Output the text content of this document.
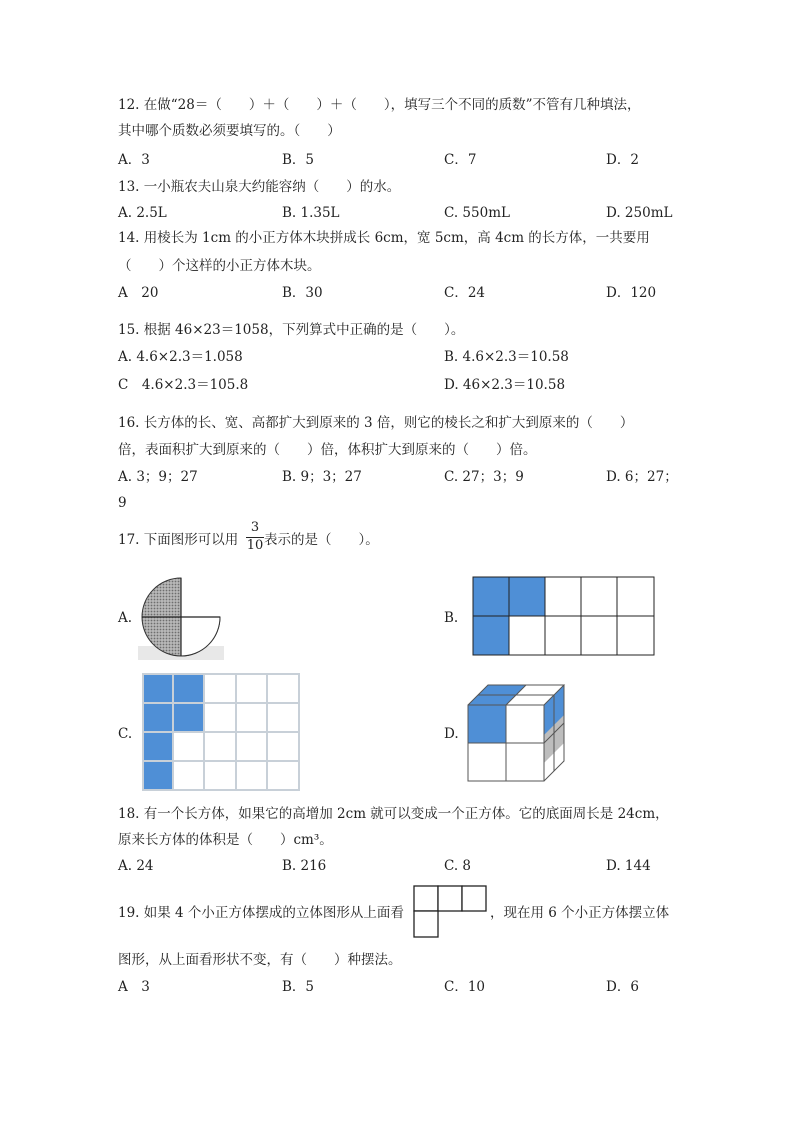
12. 在做“28＝（　　）＋（　　）＋（　　），填写三个不同的质数”不管有几种填法，
其中哪个质数必须要填写的。（　　）
A．3	B．5	C．7	D．2
13. 一小瓶农夫山泉大约能容纳（　　）的水。
A. 2.5L	B. 1.35L	C. 550mL	D. 250mL
14. 用棱长为 1cm 的小正方体木块拼成长 6cm，宽 5cm，高 4cm 的长方体，一共要用
（　　）个这样的小正方体木块。
A　20	B．30	C．24	D．120
15. 根据 46×23＝1058，下列算式中正确的是（　　）。
A. 4.6×2.3＝1.058	B. 4.6×2.3＝10.58
C　4.6×2.3＝105.8	D. 46×2.3＝10.58
16. 长方体的长、宽、高都扩大到原来的 3 倍，则它的棱长之和扩大到原来的（　　）
倍，表面积扩大到原来的（　　）倍，体积扩大到原来的（　　）倍。
A. 3；9；27	B. 9；3；27	C. 27；3；9	D. 6；27；
9
17. 下面图形可以用
3
10 表示的是（　　）。
A.	B.
C.	D.
18. 有一个长方体，如果它的高增加 2cm 就可以变成一个正方体。它的底面周长是 24cm，
原来长方体的体积是（　　）cm³。
A. 24	B. 216	C. 8	D. 144
19. 如果 4 个小正方体摆成的立体图形从上面看	，现在用 6 个小正方体摆立体
图形，从上面看形状不变，有（　　）种摆法。
A　3	B．5	C．10	D．6
